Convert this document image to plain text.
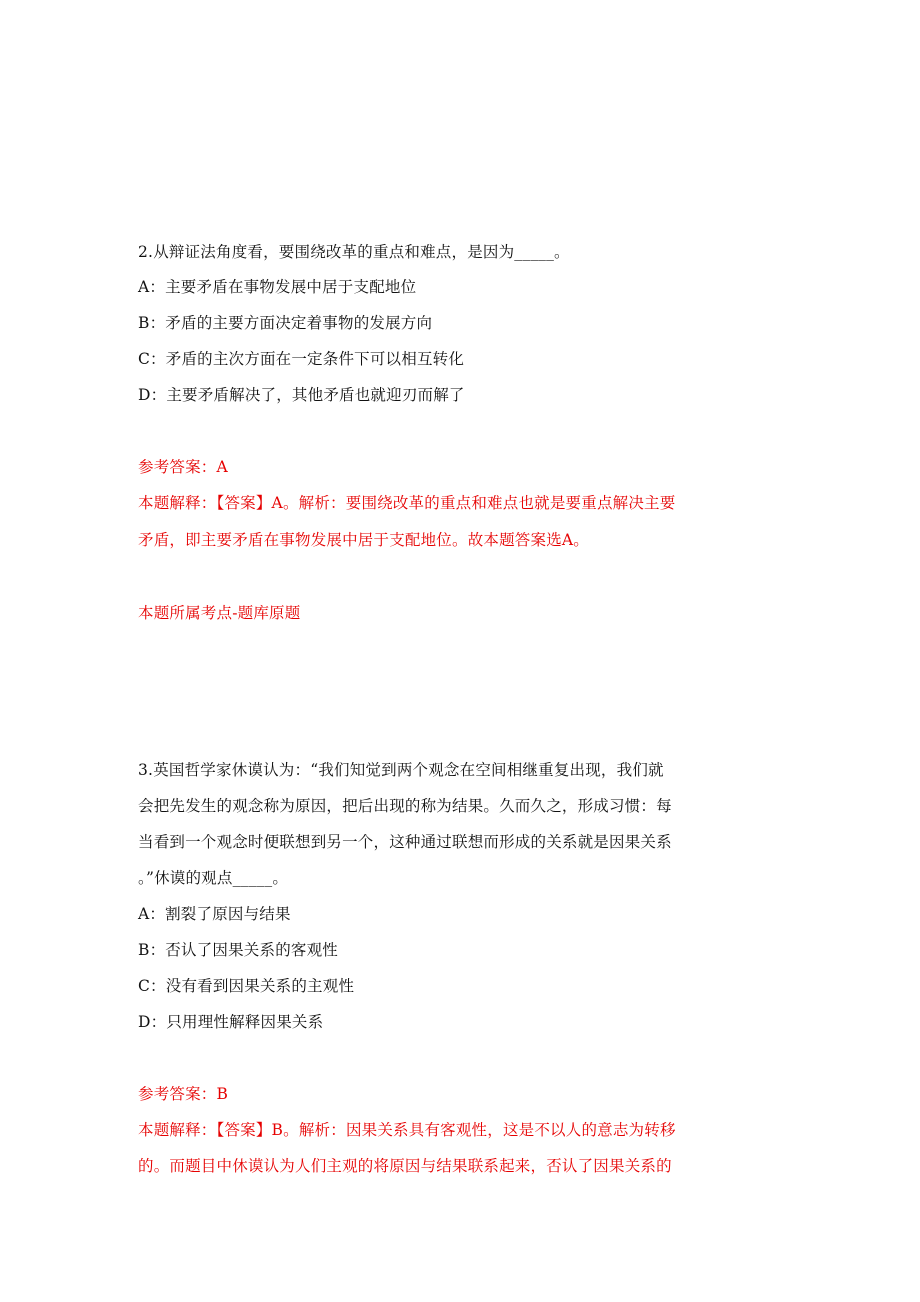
2.从辩证法角度看，要围绕改革的重点和难点，是因为_____。
A：主要矛盾在事物发展中居于支配地位
B：矛盾的主要方面决定着事物的发展方向
C：矛盾的主次方面在一定条件下可以相互转化
D：主要矛盾解决了，其他矛盾也就迎刃而解了
参考答案：A
本题解释：【答案】A。解析：要围绕改革的重点和难点也就是要重点解决主要
矛盾，即主要矛盾在事物发展中居于支配地位。故本题答案选A。
本题所属考点-题库原题
3.英国哲学家休谟认为：“我们知觉到两个观念在空间相继重复出现，我们就
会把先发生的观念称为原因，把后出现的称为结果。久而久之，形成习惯：每
当看到一个观念时便联想到另一个，这种通过联想而形成的关系就是因果关系
。”休谟的观点_____。
A：割裂了原因与结果
B：否认了因果关系的客观性
C：没有看到因果关系的主观性
D：只用理性解释因果关系
参考答案：B
本题解释：【答案】B。解析：因果关系具有客观性，这是不以人的意志为转移
的。而题目中休谟认为人们主观的将原因与结果联系起来，否认了因果关系的
